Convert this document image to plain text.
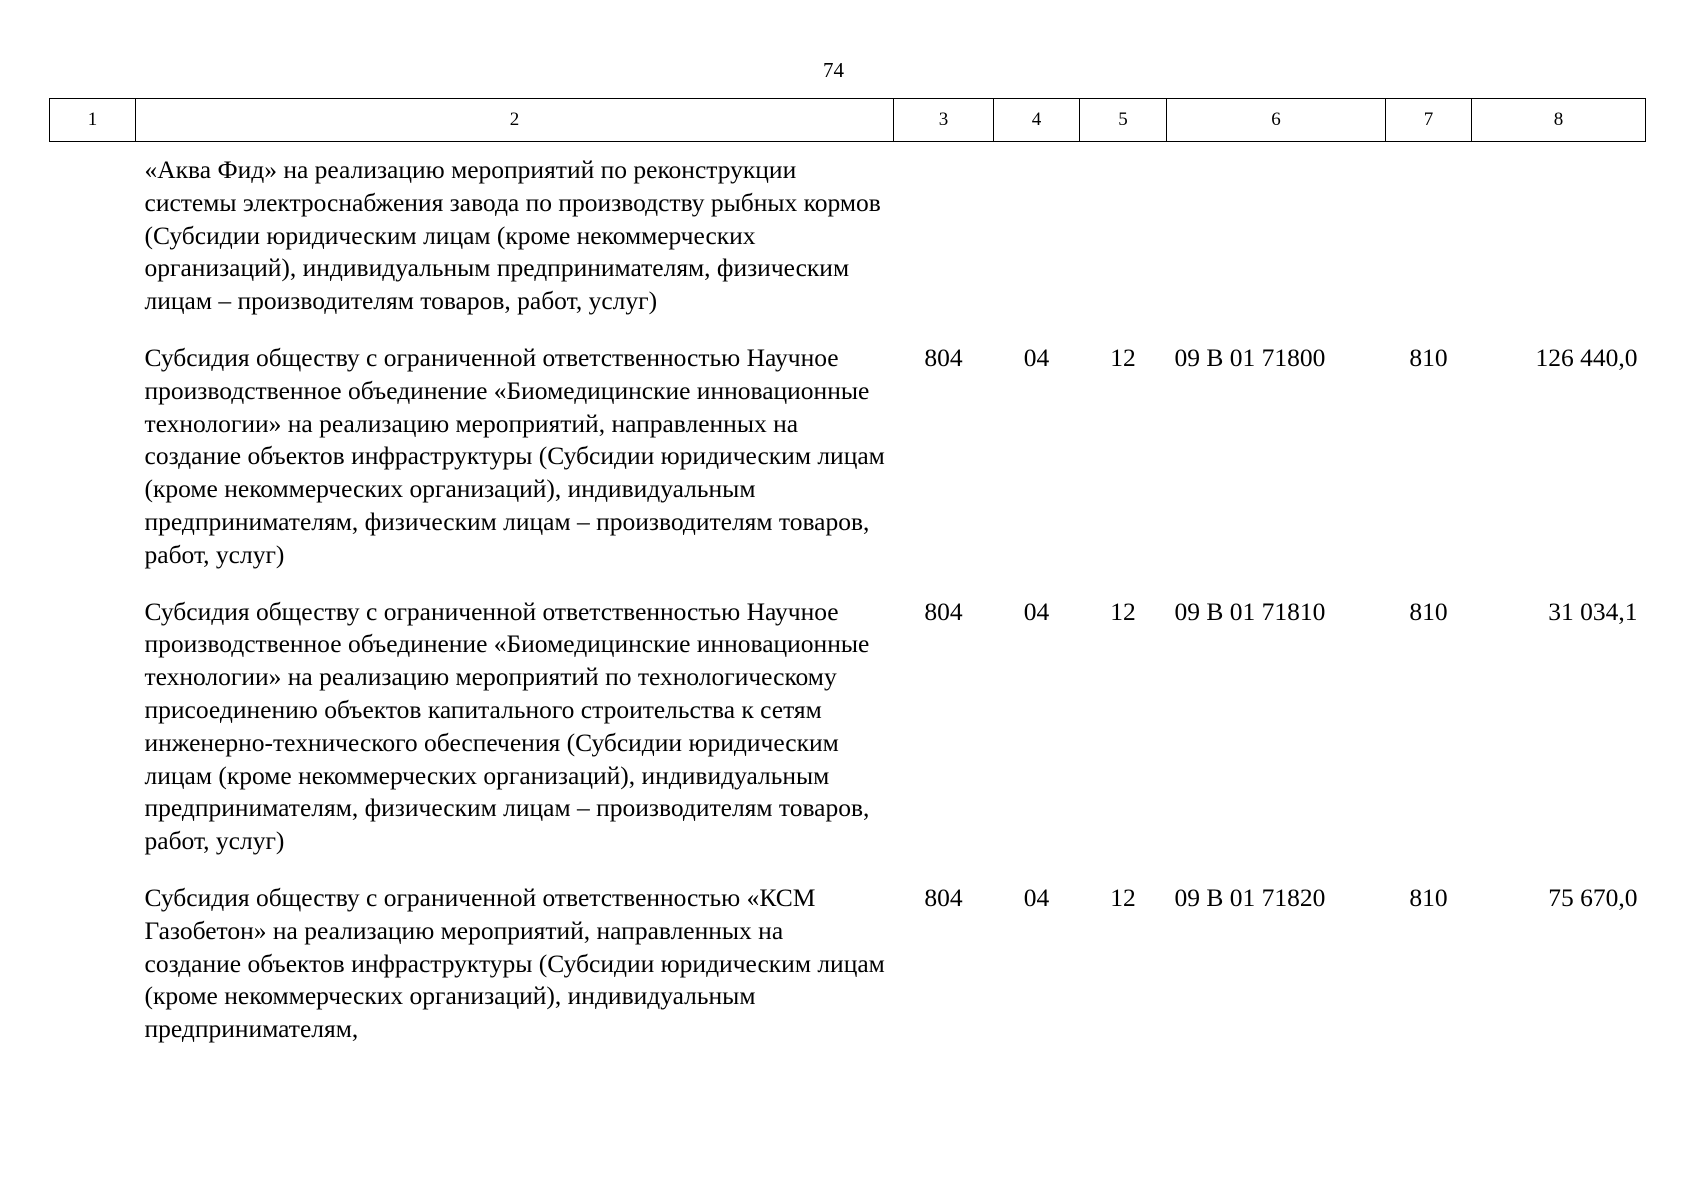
74
1	2	3	4	5	6	7	8
	«Аква Фид» на реализацию мероприятий по реконструкции системы электроснабжения завода по производству рыбных кормов (Субсидии юридическим лицам (кроме некоммерческих организаций), индивидуальным предпринимателям, физическим лицам – производителям товаров, работ, услуг)						
	Субсидия обществу с ограниченной ответственностью Научное производственное объединение «Биомедицинские инновационные технологии» на реализацию мероприятий, направленных на создание объектов инфраструктуры (Субсидии юридическим лицам (кроме некоммерческих организаций), индивидуальным предпринимателям, физическим лицам – производителям товаров, работ, услуг)	804	04	12	09 В 01 71800	810	126 440,0
	Субсидия обществу с ограниченной ответственностью Научное производственное объединение «Биомедицинские инновационные технологии» на реализацию мероприятий по технологическому присоединению объектов капитального строительства к сетям инженерно-технического обеспечения (Субсидии юридическим лицам (кроме некоммерческих организаций), индивидуальным предпринимателям, физическим лицам – производителям товаров, работ, услуг)	804	04	12	09 В 01 71810	810	31 034,1
	Субсидия обществу с ограниченной ответственностью «КСМ Газобетон» на реализацию мероприятий, направленных на создание объектов инфраструктуры (Субсидии юридическим лицам (кроме некоммерческих организаций), индивидуальным предпринимателям,	804	04	12	09 В 01 71820	810	75 670,0
